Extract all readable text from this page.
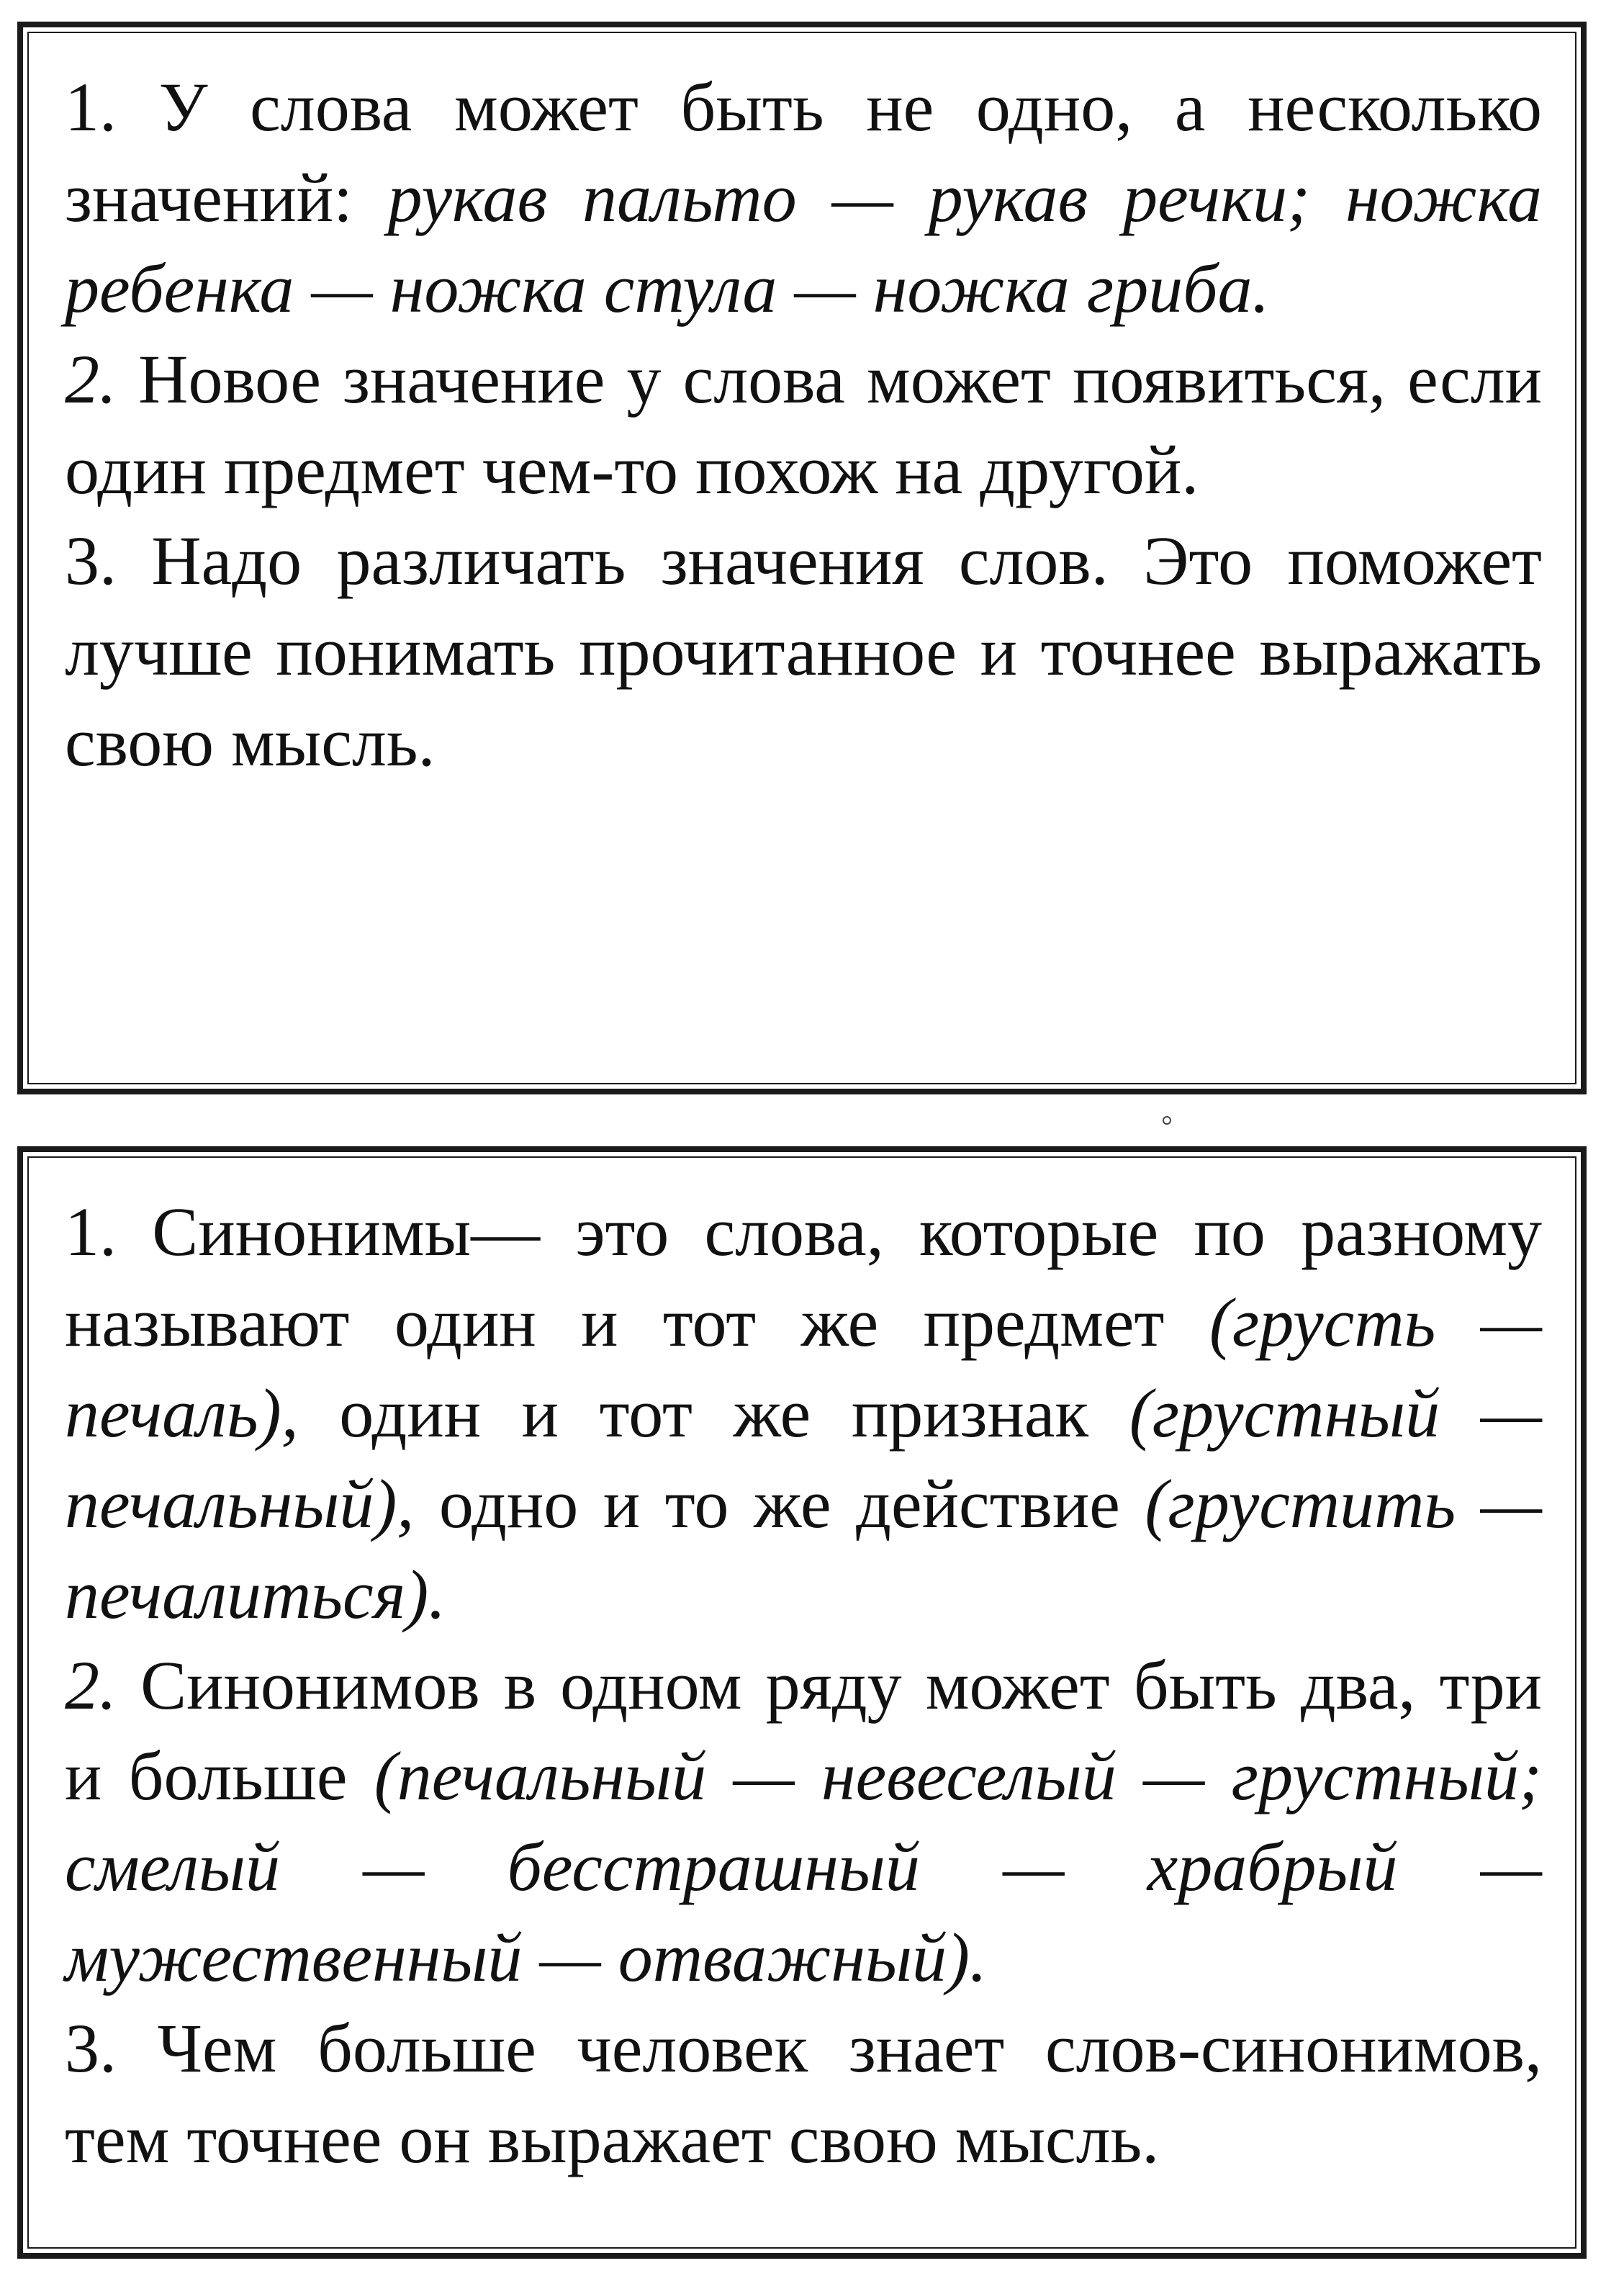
1. У слова может быть не одно, а несколько значений: рукав пальто — рукав речки; ножка ребенка — ножка стула — ножка гриба.

2. Новое значение у слова может появиться, если один предмет чем-то похож на другой.

3. Надо различать значения слов. Это поможет лучше понимать прочитанное и точнее выражать свою мысль.

1. Синонимы— это слова, которые по разному называют один и тот же предмет (грусть — печаль), один и тот же признак (грустный — печальный), одно и то же действие (грустить — печалиться).

2. Синонимов в одном ряду может быть два, три и больше (печальный — невеселый — грустный; смелый — бесстрашный — храбрый — мужественный — отважный).

3. Чем больше человек знает слов-синонимов, тем точнее он выражает свою мысль.
